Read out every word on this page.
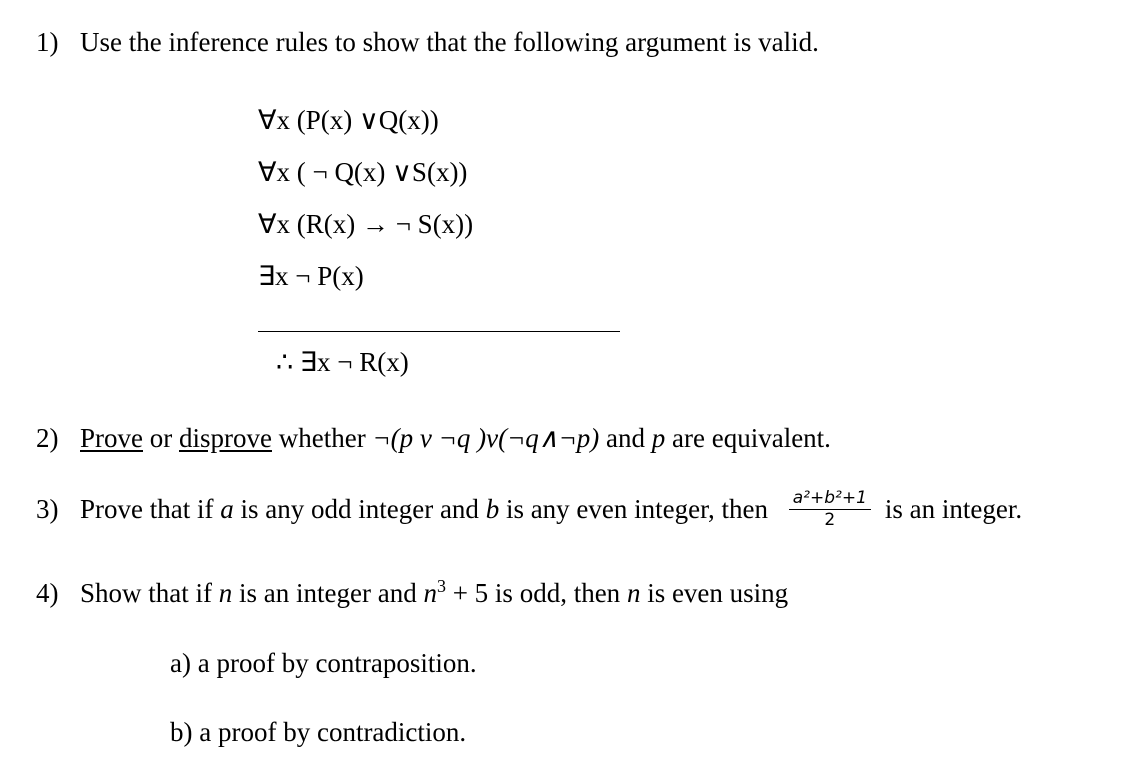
1) Use the inference rules to show that the following argument is valid.
∀x (P(x) ∨Q(x))
∀x ( ¬ Q(x) ∨S(x))
∀x (R(x) → ¬ S(x))
∃x ¬ P(x)
∴ ∃x ¬ R(x)
2) Prove or disprove whether ¬(p v ¬q )v(¬q∧¬p) and p are equivalent.
3) Prove that if a is any odd integer and b is any even integer, then $\frac{\text{a²+b²+1}}{2}$ is an integer.
4) Show that if n is an integer and $n^3 + 5$ is odd, then n is even using
a) a proof by contraposition.
b) a proof by contradiction.
